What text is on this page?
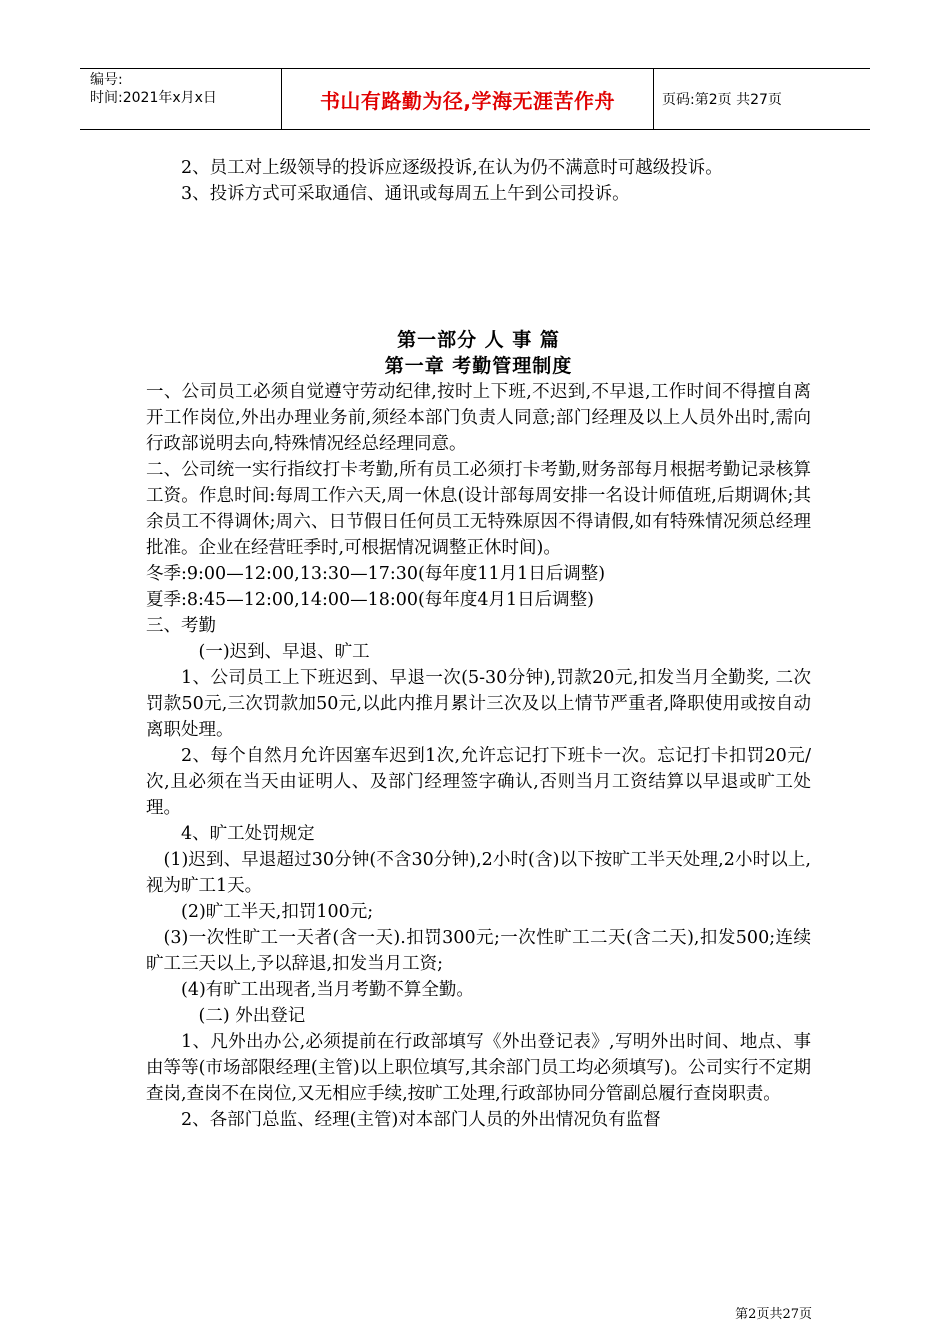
编号:
时间:2021年x月x日	书山有路勤为径,学海无涯苦作舟	页码:第2页 共27页

2、员工对上级领导的投诉应逐级投诉,在认为仍不满意时可越级投诉。

3、投诉方式可采取通信、通讯或每周五上午到公司投诉。

第一部分 人 事 篇

第一章 考勤管理制度

一、公司员工必须自觉遵守劳动纪律,按时上下班,不迟到,不早退,工作时间不得擅自离开工作岗位,外出办理业务前,须经本部门负责人同意;部门经理及以上人员外出时,需向行政部说明去向,特殊情况经总经理同意。

二、公司统一实行指纹打卡考勤,所有员工必须打卡考勤,财务部每月根据考勤记录核算工资。作息时间:每周工作六天,周一休息(设计部每周安排一名设计师值班,后期调休;其余员工不得调休;周六、日节假日任何员工无特殊原因不得请假,如有特殊情况须总经理批准。企业在经营旺季时,可根据情况调整正休时间)。

冬季:9:00—12:00,13:30—17:30(每年度11月1日后调整)

夏季:8:45—12:00,14:00—18:00(每年度4月1日后调整)

三、考勤

(一)迟到、早退、旷工

1、公司员工上下班迟到、早退一次(5-30分钟),罚款20元,扣发当月全勤奖, 二次罚款50元,三次罚款加50元,以此内推月累计三次及以上情节严重者,降职使用或按自动离职处理。

2、每个自然月允许因塞车迟到1次,允许忘记打下班卡一次。忘记打卡扣罚20元/次,且必须在当天由证明人、及部门经理签字确认,否则当月工资结算以早退或旷工处理。

4、旷工处罚规定

(1)迟到、早退超过30分钟(不含30分钟),2小时(含)以下按旷工半天处理,2小时以上,视为旷工1天。

(2)旷工半天,扣罚100元;

(3)一次性旷工一天者(含一天).扣罚300元;一次性旷工二天(含二天),扣发500;连续旷工三天以上,予以辞退,扣发当月工资;

(4)有旷工出现者,当月考勤不算全勤。

(二) 外出登记

1、凡外出办公,必须提前在行政部填写《外出登记表》,写明外出时间、地点、事由等等(市场部限经理(主管)以上职位填写,其余部门员工均必须填写)。公司实行不定期查岗,查岗不在岗位,又无相应手续,按旷工处理,行政部协同分管副总履行查岗职责。

2、各部门总监、经理(主管)对本部门人员的外出情况负有监督

第2页共27页
